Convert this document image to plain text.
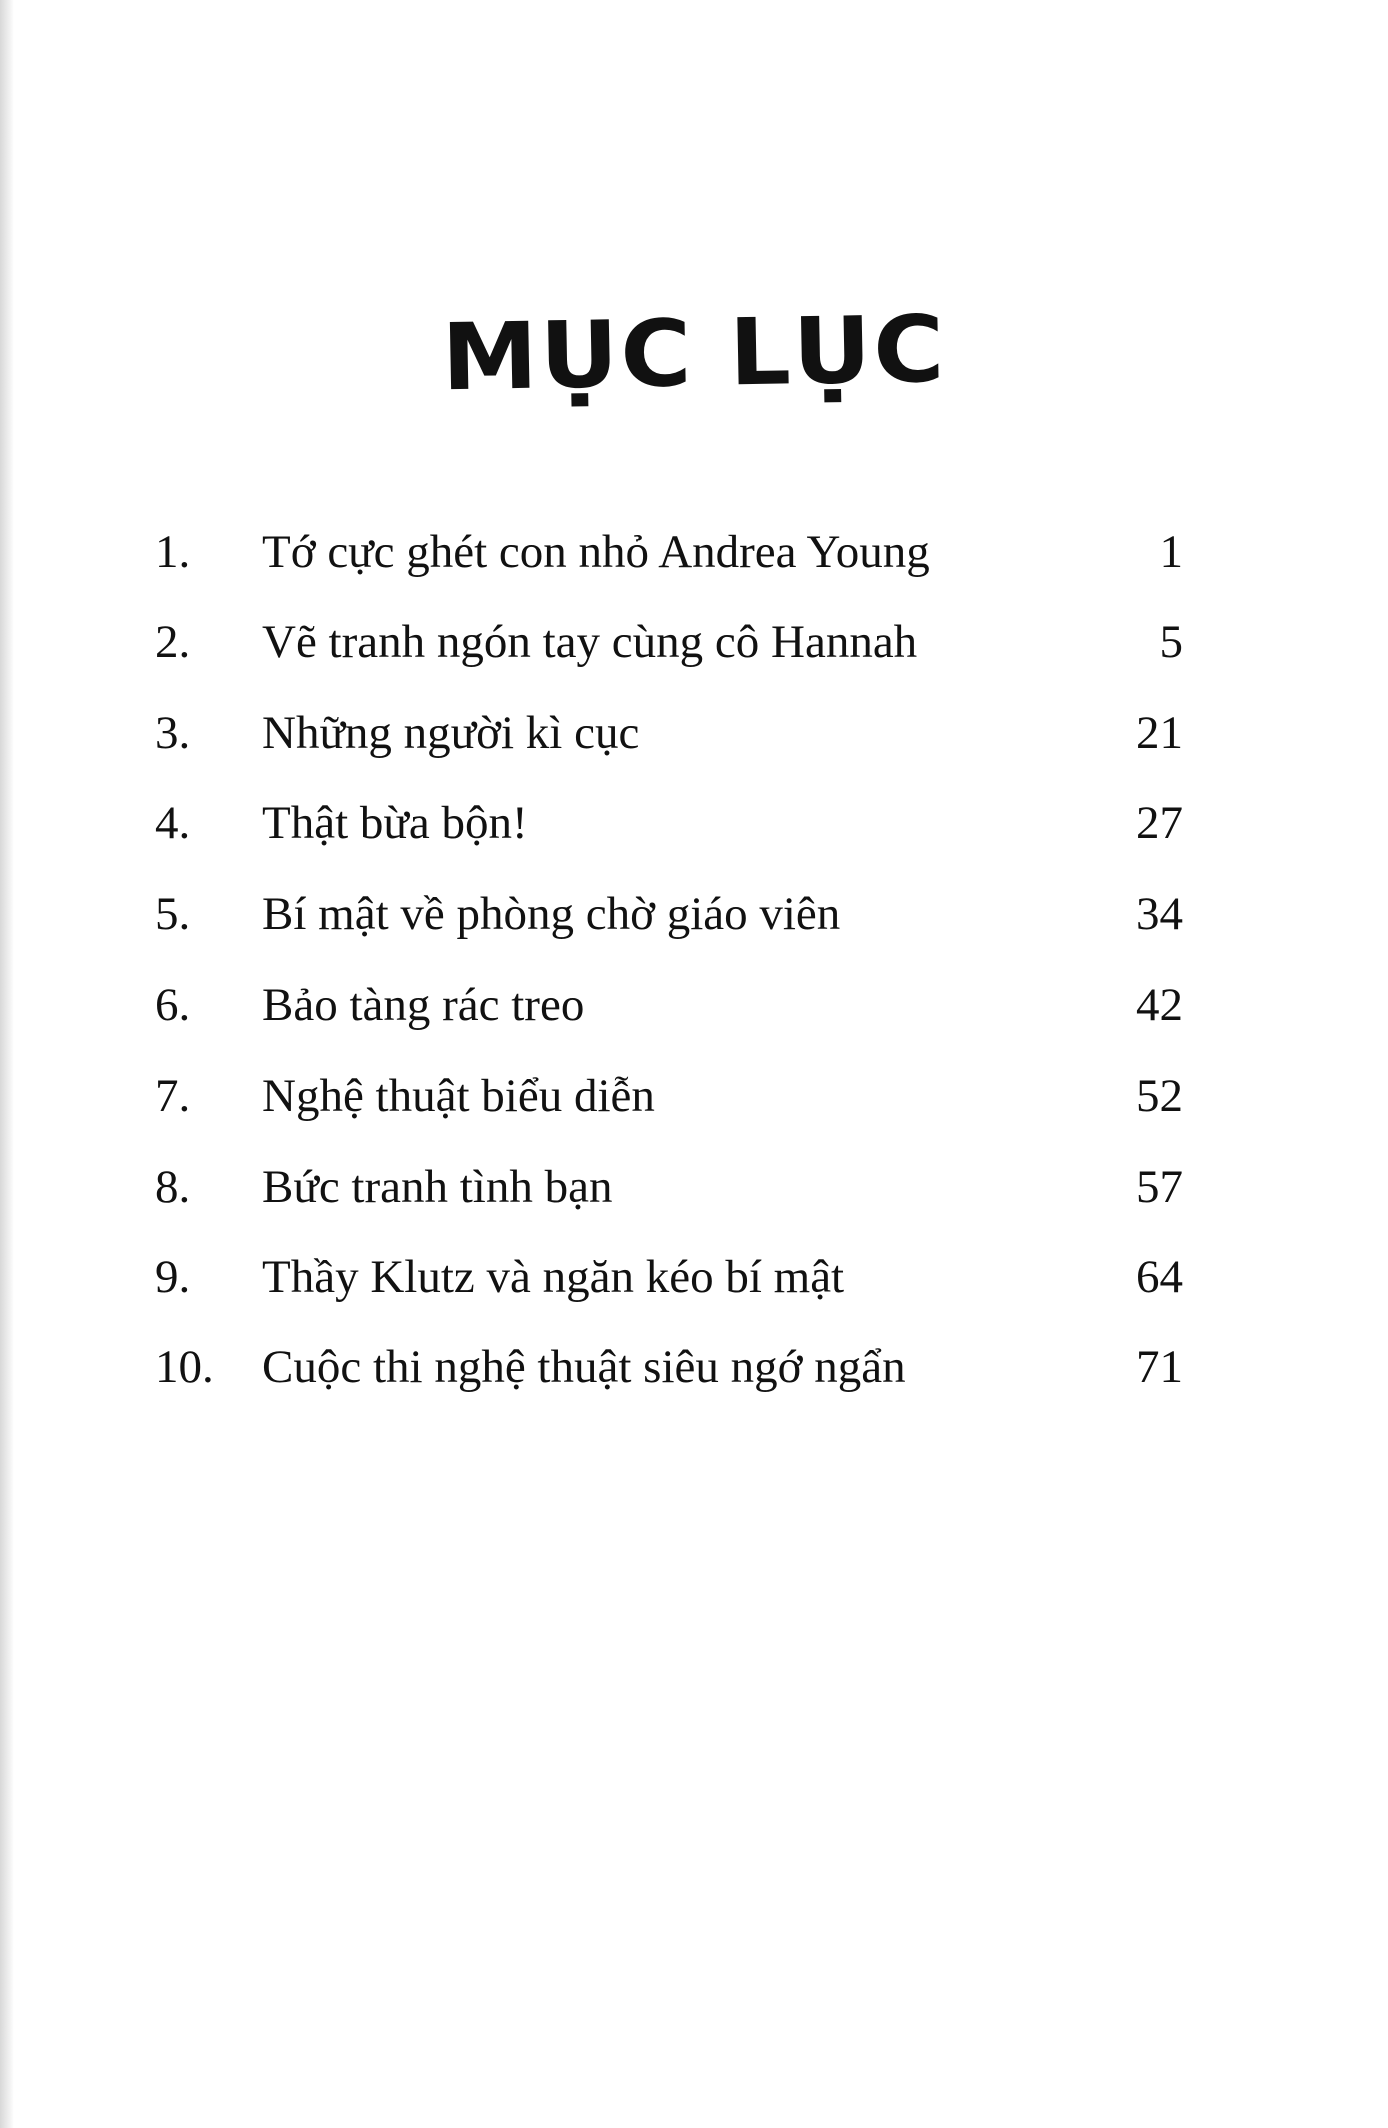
MỤC LỤC
1. Tớ cực ghét con nhỏ Andrea Young	1
2. Vẽ tranh ngón tay cùng cô Hannah	5
3. Những người kì cục	21
4. Thật bừa bộn!	27
5. Bí mật về phòng chờ giáo viên	34
6. Bảo tàng rác treo	42
7. Nghệ thuật biểu diễn	52
8. Bức tranh tình bạn	57
9. Thầy Klutz và ngăn kéo bí mật	64
10. Cuộc thi nghệ thuật siêu ngớ ngẩn	71
